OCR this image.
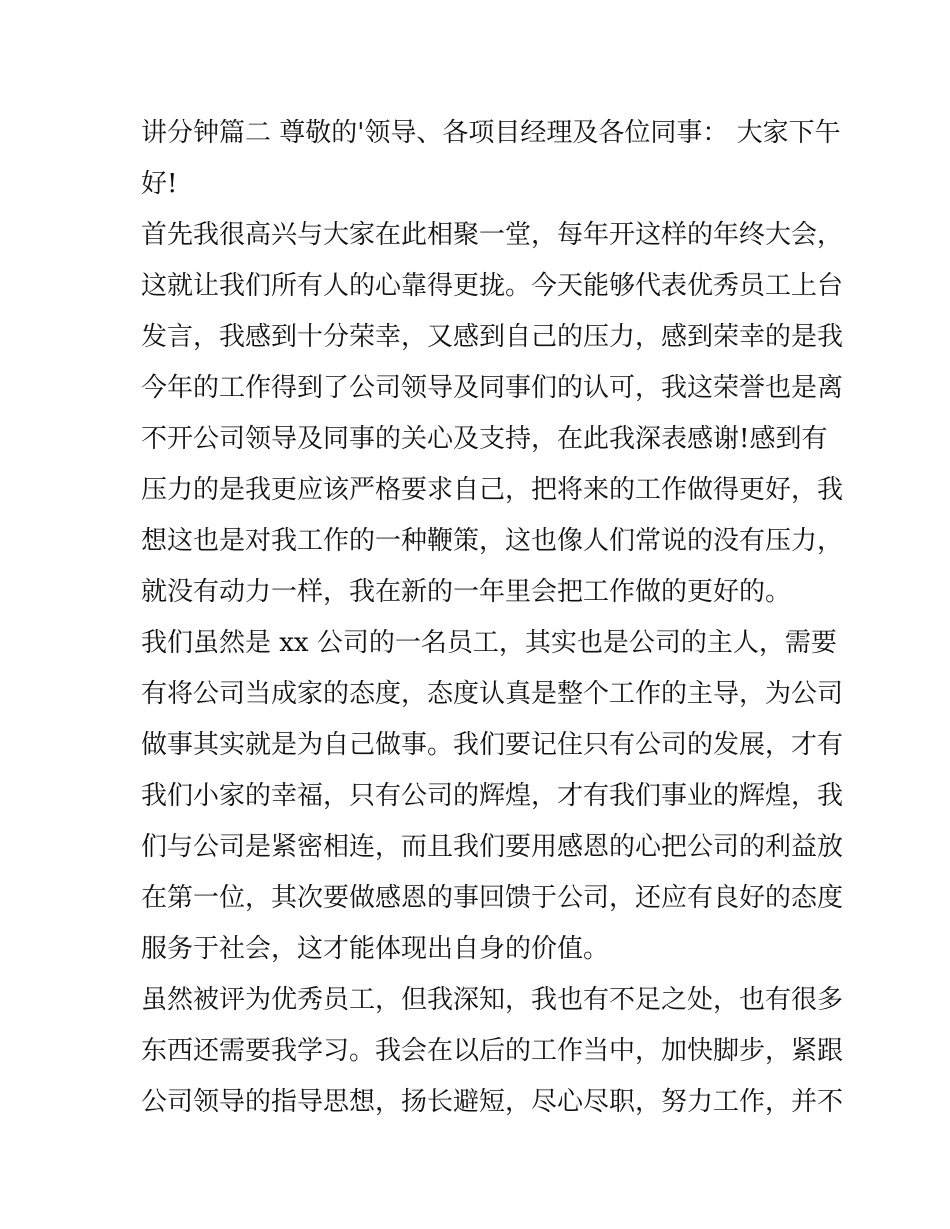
讲分钟篇二 尊敬的'领导、各项目经理及各位同事： 大家下午
好!
首先我很高兴与大家在此相聚一堂，每年开这样的年终大会，
这就让我们所有人的心靠得更拢。今天能够代表优秀员工上台
发言，我感到十分荣幸，又感到自己的压力，感到荣幸的是我
今年的工作得到了公司领导及同事们的认可，我这荣誉也是离
不开公司领导及同事的关心及支持，在此我深表感谢!感到有
压力的是我更应该严格要求自己，把将来的工作做得更好，我
想这也是对我工作的一种鞭策，这也像人们常说的没有压力，
就没有动力一样，我在新的一年里会把工作做的更好的。
我们虽然是 xx 公司的一名员工，其实也是公司的主人，需要
有将公司当成家的态度，态度认真是整个工作的主导，为公司
做事其实就是为自己做事。我们要记住只有公司的发展，才有
我们小家的幸福，只有公司的辉煌，才有我们事业的辉煌，我
们与公司是紧密相连，而且我们要用感恩的心把公司的利益放
在第一位，其次要做感恩的事回馈于公司，还应有良好的态度
服务于社会，这才能体现出自身的价值。
虽然被评为优秀员工，但我深知，我也有不足之处，也有很多
东西还需要我学习。我会在以后的工作当中，加快脚步，紧跟
公司领导的指导思想，扬长避短，尽心尽职，努力工作，并不
